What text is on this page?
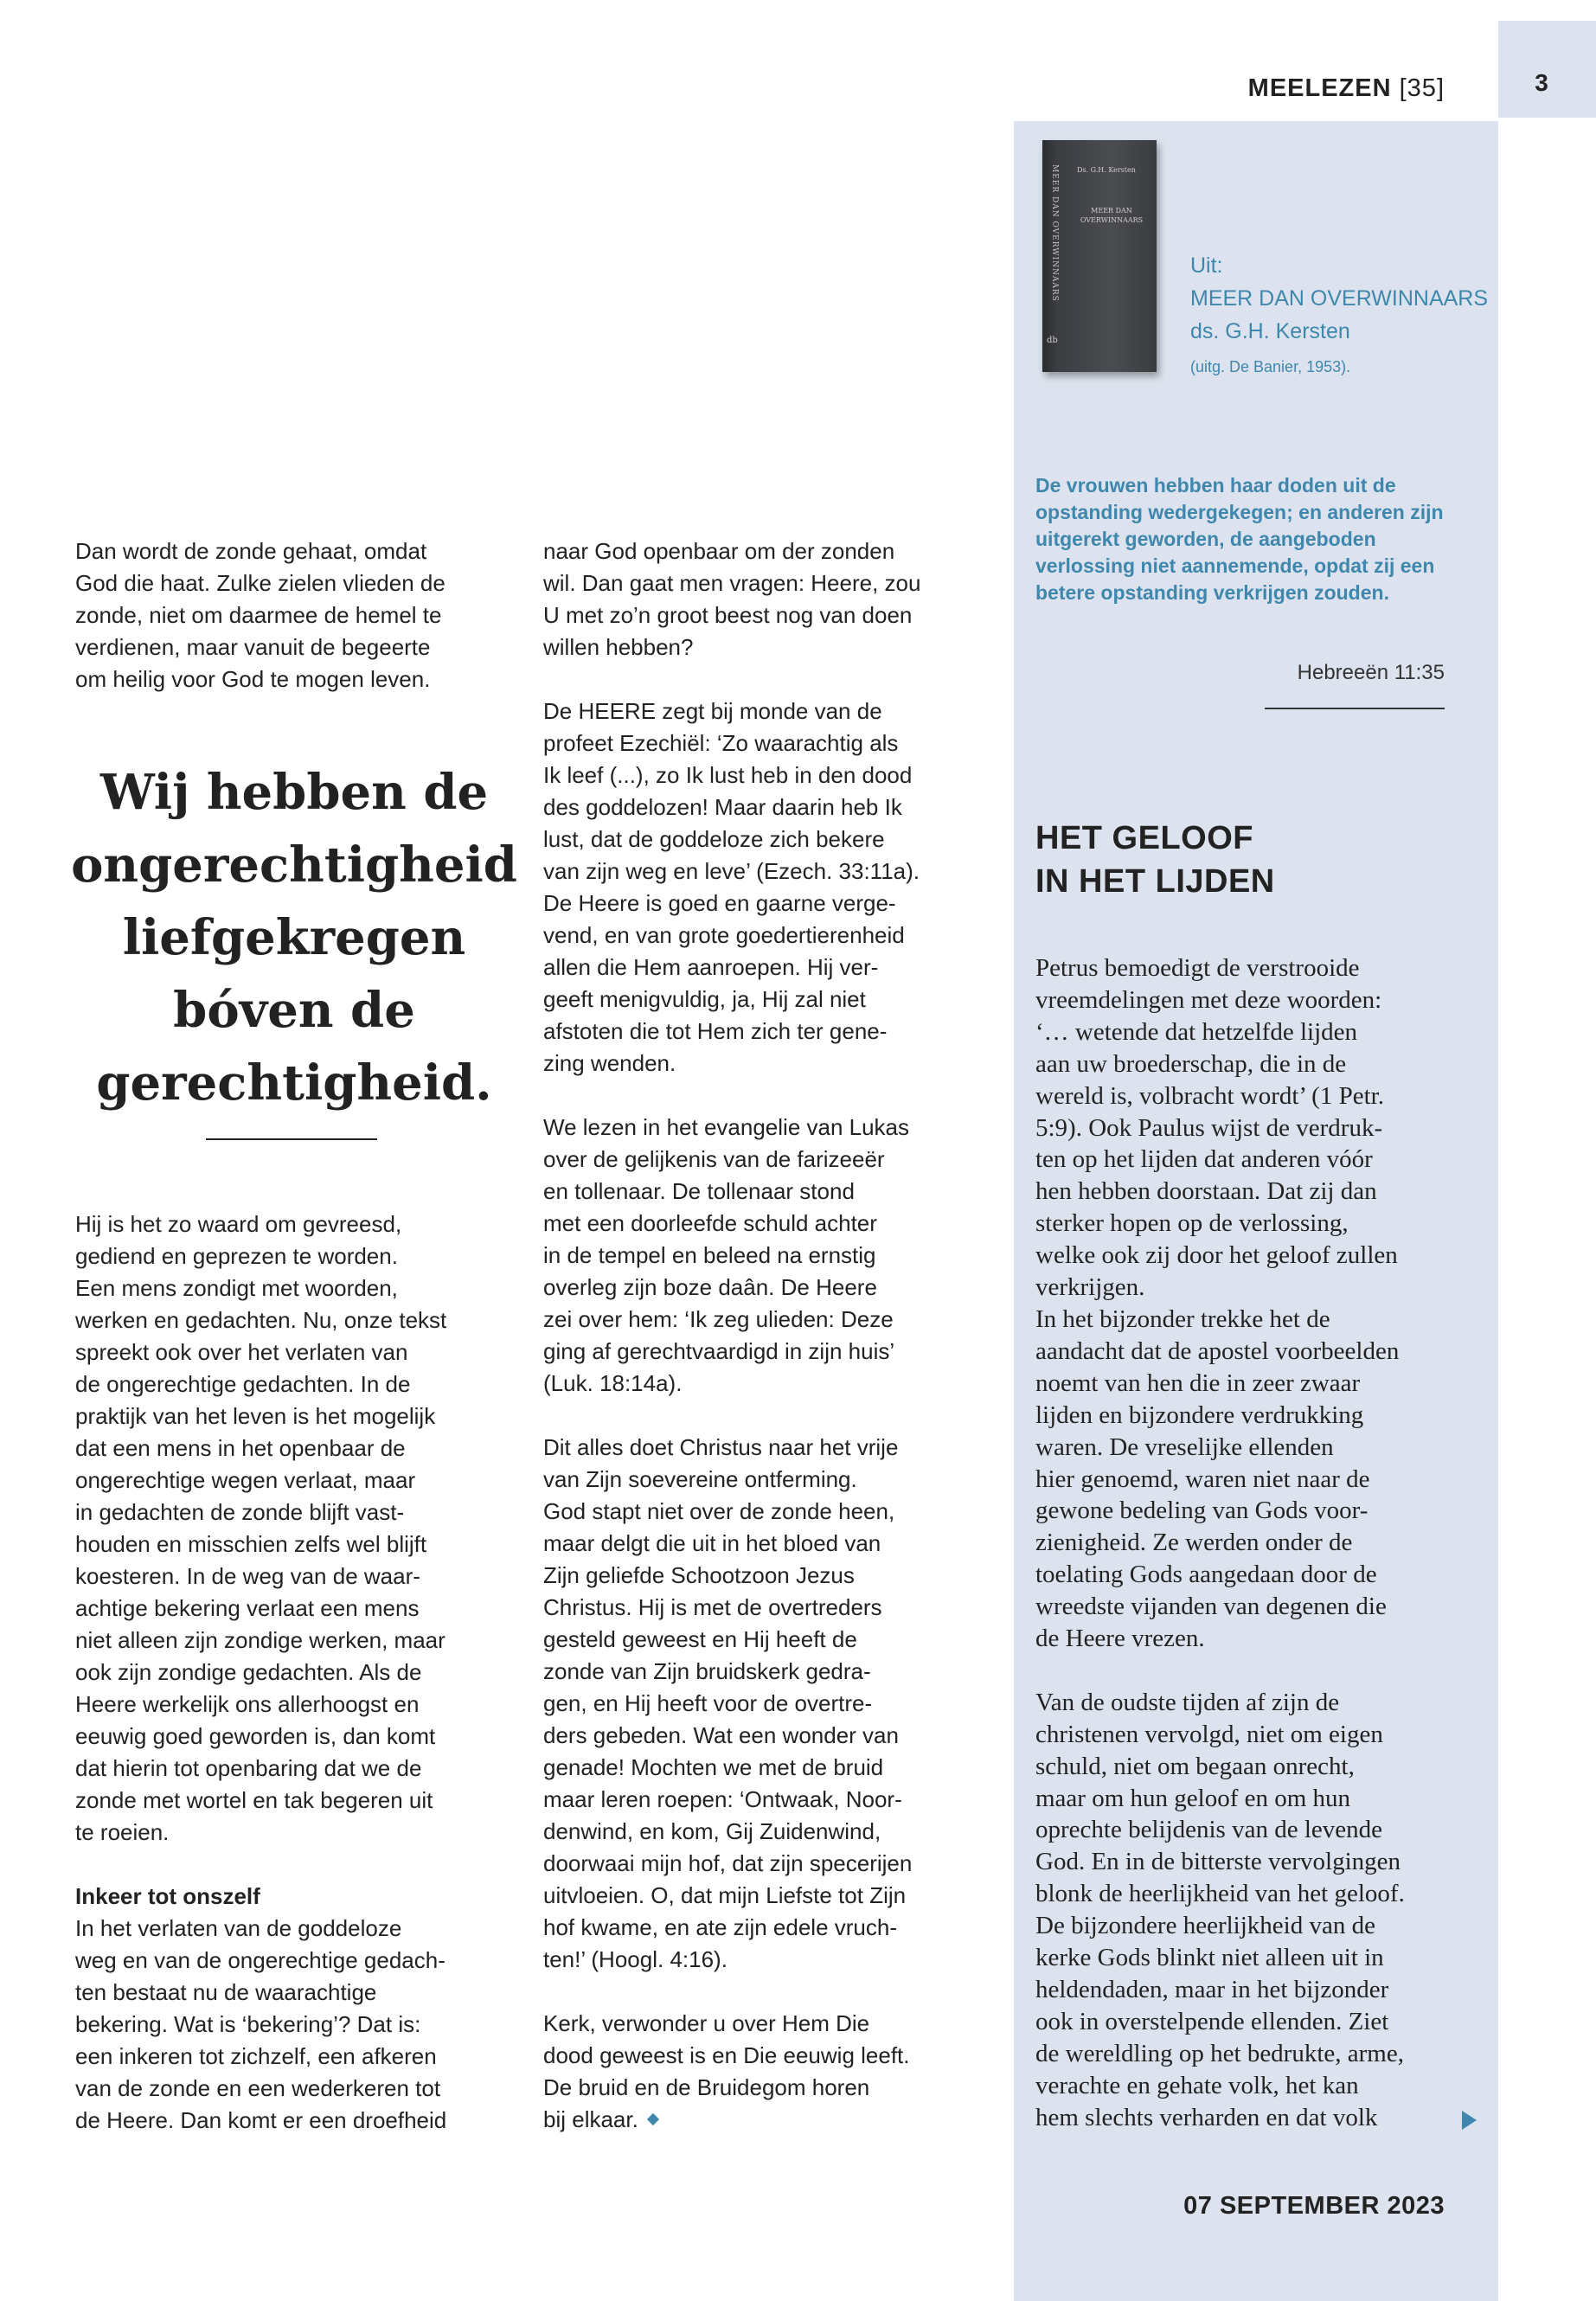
3
MEELEZEN [35]
MEER DAN OVERWINNAARS	Ds. G.H. Kersten
MEER DAN OVERWINNAARS
db
Uit:
MEER DAN OVERWINNAARS
ds. G.H. Kersten
(uitg. De Banier, 1953).
De vrouwen hebben haar doden uit de opstanding wedergekegen; en anderen zijn uitgerekt geworden, de aangeboden verlossing niet aannemende, opdat zij een betere opstanding verkrijgen zouden.
Hebreeën 11:35
HET GELOOF
IN HET LIJDEN

Petrus bemoedigt de verstrooide
vreemdelingen met deze woorden:
‘… wetende dat hetzelfde lijden
aan uw broederschap, die in de
wereld is, volbracht wordt’ (1 Petr.
5:9). Ook Paulus wijst de verdruk-
ten op het lijden dat anderen vóór
hen hebben doorstaan. Dat zij dan
sterker hopen op de verlossing,
welke ook zij door het geloof zullen
verkrijgen.

In het bijzonder trekke het de
aandacht dat de apostel voorbeelden
noemt van hen die in zeer zwaar
lijden en bijzondere verdrukking
waren. De vreselijke ellenden
hier genoemd, waren niet naar de
gewone bedeling van Gods voor-
zienigheid. Ze werden onder de
toelating Gods aangedaan door de
wreedste vijanden van degenen die
de Heere vrezen.

Van de oudste tijden af zijn de
christenen vervolgd, niet om eigen
schuld, niet om begaan onrecht,
maar om hun geloof en om hun
oprechte belijdenis van de levende
God. En in de bitterste vervolgingen
blonk de heerlijkheid van het geloof.
De bijzondere heerlijkheid van de
kerke Gods blinkt niet alleen uit in
heldendaden, maar in het bijzonder
ook in overstelpende ellenden. Ziet
de wereldling op het bedrukte, arme,
verachte en gehate volk, het kan
hem slechts verharden en dat volk

Dan wordt de zonde gehaat, omdat
God die haat. Zulke zielen vlieden de
zonde, niet om daarmee de hemel te
verdienen, maar vanuit de begeerte
om heilig voor God te mogen leven.

Wij hebben de
ongerechtigheid
liefgekregen
bóven de
gerechtigheid.

Hij is het zo waard om gevreesd,
gediend en geprezen te worden.
Een mens zondigt met woorden,
werken en gedachten. Nu, onze tekst
spreekt ook over het verlaten van
de ongerechtige gedachten. In de
praktijk van het leven is het mogelijk
dat een mens in het openbaar de
ongerechtige wegen verlaat, maar
in gedachten de zonde blijft vast-
houden en misschien zelfs wel blijft
koesteren. In de weg van de waar-
achtige bekering verlaat een mens
niet alleen zijn zondige werken, maar
ook zijn zondige gedachten. Als de
Heere werkelijk ons allerhoogst en
eeuwig goed geworden is, dan komt
dat hierin tot openbaring dat we de
zonde met wortel en tak begeren uit
te roeien.

Inkeer tot onszelf

In het verlaten van de goddeloze
weg en van de ongerechtige gedach-
ten bestaat nu de waarachtige
bekering. Wat is ‘bekering’? Dat is:
een inkeren tot zichzelf, een afkeren
van de zonde en een wederkeren tot
de Heere. Dan komt er een droefheid

naar God openbaar om der zonden
wil. Dan gaat men vragen: Heere, zou
U met zo’n groot beest nog van doen
willen hebben?

De HEERE zegt bij monde van de
profeet Ezechiël: ‘Zo waarachtig als
Ik leef (...), zo Ik lust heb in den dood
des goddelozen! Maar daarin heb Ik
lust, dat de goddeloze zich bekere
van zijn weg en leve’ (Ezech. 33:11a).
De Heere is goed en gaarne verge-
vend, en van grote goedertierenheid
allen die Hem aanroepen. Hij ver-
geeft menigvuldig, ja, Hij zal niet
afstoten die tot Hem zich ter gene-
zing wenden.

We lezen in het evangelie van Lukas
over de gelijkenis van de farizeeër
en tollenaar. De tollenaar stond
met een doorleefde schuld achter
in de tempel en beleed na ernstig
overleg zijn boze daân. De Heere
zei over hem: ‘Ik zeg ulieden: Deze
ging af gerechtvaardigd in zijn huis’
(Luk. 18:14a).

Dit alles doet Christus naar het vrije
van Zijn soevereine ontferming.
God stapt niet over de zonde heen,
maar delgt die uit in het bloed van
Zijn geliefde Schootzoon Jezus
Christus. Hij is met de overtreders
gesteld geweest en Hij heeft de
zonde van Zijn bruidskerk gedra-
gen, en Hij heeft voor de overtre-
ders gebeden. Wat een wonder van
genade! Mochten we met de bruid
maar leren roepen: ‘Ontwaak, Noor-
denwind, en kom, Gij Zuidenwind,
doorwaai mijn hof, dat zijn specerijen
uitvloeien. O, dat mijn Liefste tot Zijn
hof kwame, en ate zijn edele vruch-
ten!’ (Hoogl. 4:16).

Kerk, verwonder u over Hem Die
dood geweest is en Die eeuwig leeft.
De bruid en de Bruidegom horen
bij elkaar.

07 SEPTEMBER 2023
